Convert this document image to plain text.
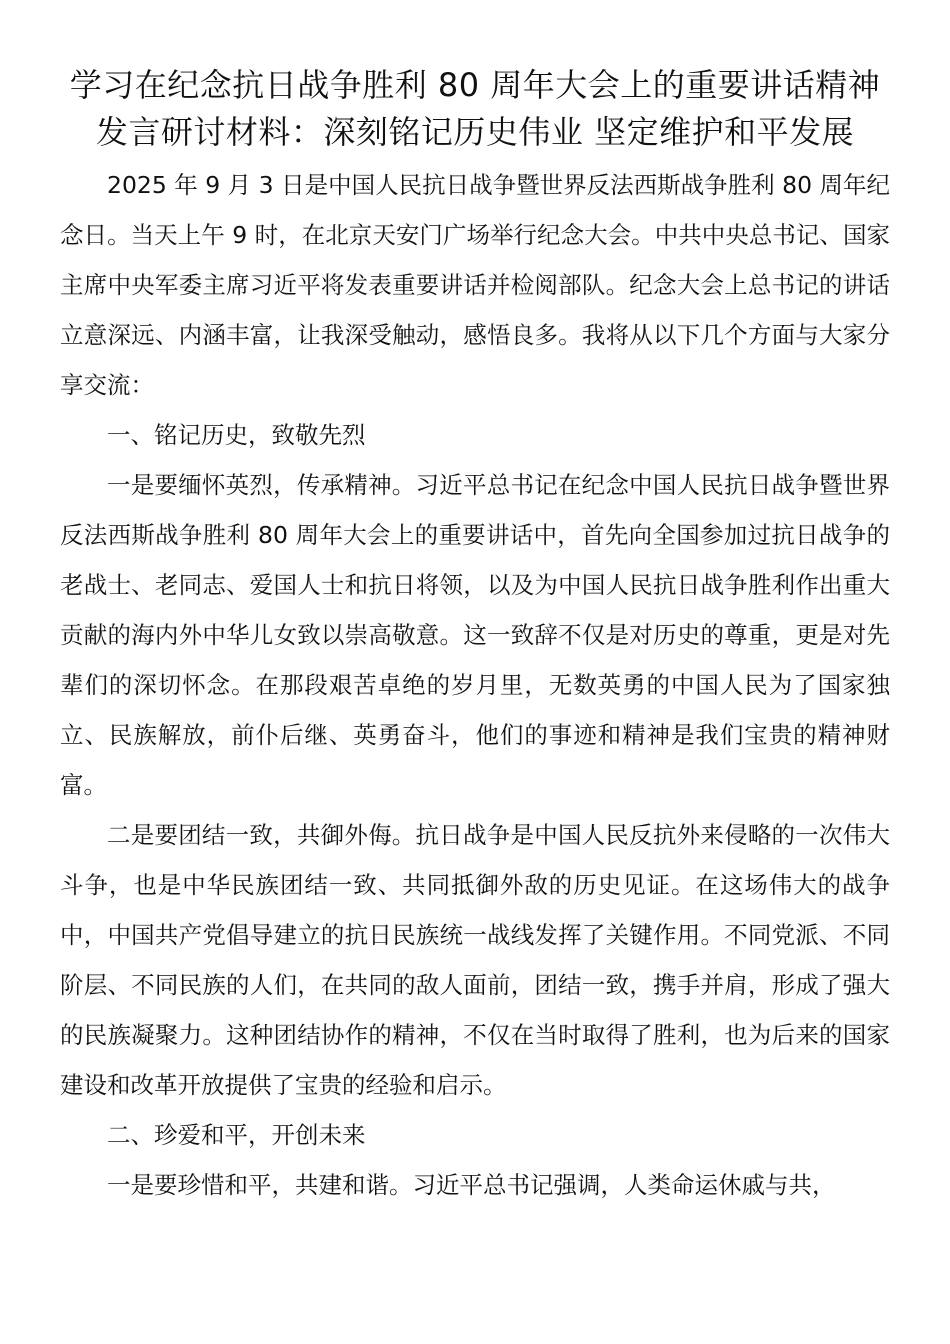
学习在纪念抗日战争胜利 80 周年大会上的重要讲话精神发言研讨材料：深刻铭记历史伟业 坚定维护和平发展

2025 年 9 月 3 日是中国人民抗日战争暨世界反法西斯战争胜利 80 周年纪念日。当天上午 9 时，在北京天安门广场举行纪念大会。中共中央总书记、国家主席中央军委主席习近平将发表重要讲话并检阅部队。纪念大会上总书记的讲话立意深远、内涵丰富，让我深受触动，感悟良多。我将从以下几个方面与大家分享交流：

一、铭记历史，致敬先烈

一是要缅怀英烈，传承精神。习近平总书记在纪念中国人民抗日战争暨世界反法西斯战争胜利 80 周年大会上的重要讲话中，首先向全国参加过抗日战争的老战士、老同志、爱国人士和抗日将领，以及为中国人民抗日战争胜利作出重大贡献的海内外中华儿女致以崇高敬意。这一致辞不仅是对历史的尊重，更是对先辈们的深切怀念。在那段艰苦卓绝的岁月里，无数英勇的中国人民为了国家独立、民族解放，前仆后继、英勇奋斗，他们的事迹和精神是我们宝贵的精神财富。

二是要团结一致，共御外侮。抗日战争是中国人民反抗外来侵略的一次伟大斗争，也是中华民族团结一致、共同抵御外敌的历史见证。在这场伟大的战争中，中国共产党倡导建立的抗日民族统一战线发挥了关键作用。不同党派、不同阶层、不同民族的人们，在共同的敌人面前，团结一致，携手并肩，形成了强大的民族凝聚力。这种团结协作的精神，不仅在当时取得了胜利，也为后来的国家建设和改革开放提供了宝贵的经验和启示。

二、珍爱和平，开创未来

一是要珍惜和平，共建和谐。习近平总书记强调，人类命运休戚与共，
